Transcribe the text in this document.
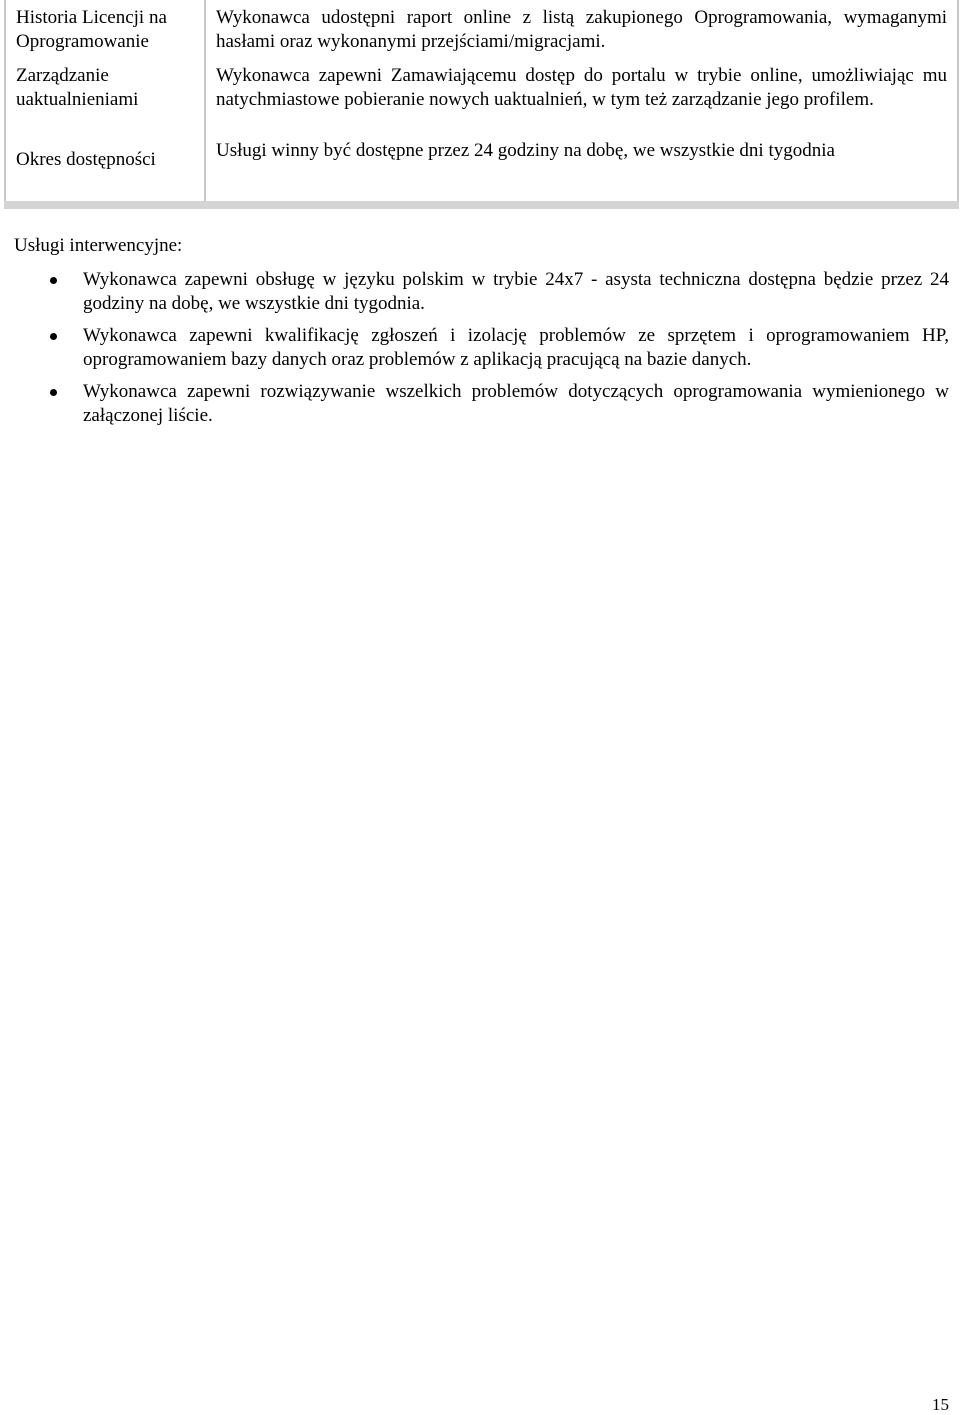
Historia Licencji na Oprogramowanie	Wykonawca udostępni raport online z listą zakupionego Oprogramowania, wymaganymi hasłami oraz wykonanymi przejściami/migracjami.
Zarządzanie uaktualnieniami	Wykonawca zapewni Zamawiającemu dostęp do portalu w trybie online, umożliwiając mu natychmiastowe pobieranie nowych uaktualnień, w tym też zarządzanie jego profilem.
Okres dostępności	Usługi winny być dostępne przez 24 godziny na dobę, we wszystkie dni tygodnia
Usługi interwencyjne:
Wykonawca zapewni obsługę w języku polskim w trybie 24x7 - asysta techniczna dostępna będzie przez 24 godziny na dobę, we wszystkie dni tygodnia.
Wykonawca zapewni kwalifikację zgłoszeń i izolację problemów ze sprzętem i oprogramowaniem HP, oprogramowaniem bazy danych oraz problemów z aplikacją pracującą na bazie danych.
Wykonawca zapewni rozwiązywanie wszelkich problemów dotyczących oprogramowania wymienionego w załączonej liście.
15
